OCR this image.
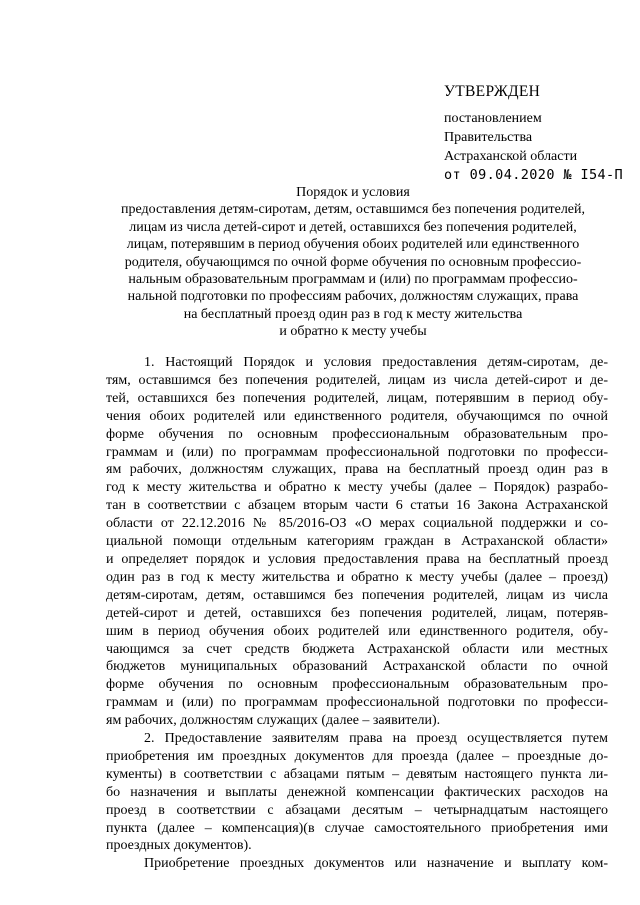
УТВЕРЖДЕН
постановлением
Правительства
Астраханской области
от 09.04.2020 № I54-П
Порядок и условия
предоставления детям-сиротам, детям, оставшимся без попечения родителей,
лицам из числа детей-сирот и детей, оставшихся без попечения родителей,
лицам, потерявшим в период обучения обоих родителей или единственного
родителя, обучающимся по очной форме обучения по основным профессио-
нальным образовательным программам и (или) по программам профессио-
нальной подготовки по профессиям рабочих, должностям служащих, права
на бесплатный проезд один раз в год к месту жительства
и обратно к месту учебы
1. Настоящий Порядок и условия предоставления детям-сиротам, де-
тям, оставшимся без попечения родителей, лицам из числа детей-сирот и де-
тей, оставшихся без попечения родителей, лицам, потерявшим в период обу-
чения обоих родителей или единственного родителя, обучающимся по очной
форме обучения по основным профессиональным образовательным про-
граммам и (или) по программам профессиональной подготовки по професси-
ям рабочих, должностям служащих, права на бесплатный проезд один раз в
год к месту жительства и обратно к месту учебы (далее – Порядок) разрабо-
тан в соответствии с абзацем вторым части 6 статьи 16 Закона Астраханской
области от 22.12.2016 № 85/2016-ОЗ «О мерах социальной поддержки и со-
циальной помощи отдельным категориям граждан в Астраханской области»
и определяет порядок и условия предоставления права на бесплатный проезд
один раз в год к месту жительства и обратно к месту учебы (далее – проезд)
детям-сиротам, детям, оставшимся без попечения родителей, лицам из числа
детей-сирот и детей, оставшихся без попечения родителей, лицам, потеряв-
шим в период обучения обоих родителей или единственного родителя, обу-
чающимся за счет средств бюджета Астраханской области или местных
бюджетов муниципальных образований Астраханской области по очной
форме обучения по основным профессиональным образовательным про-
граммам и (или) по программам профессиональной подготовки по професси-
ям рабочих, должностям служащих (далее – заявители).
2. Предоставление заявителям права на проезд осуществляется путем
приобретения им проездных документов для проезда (далее – проездные до-
кументы) в соответствии с абзацами пятым – девятым настоящего пункта ли-
бо назначения и выплаты денежной компенсации фактических расходов на
проезд в соответствии с абзацами десятым – четырнадцатым настоящего
пункта (далее – компенсация)(в случае самостоятельного приобретения ими
проездных документов).
Приобретение проездных документов или назначение и выплату ком-
